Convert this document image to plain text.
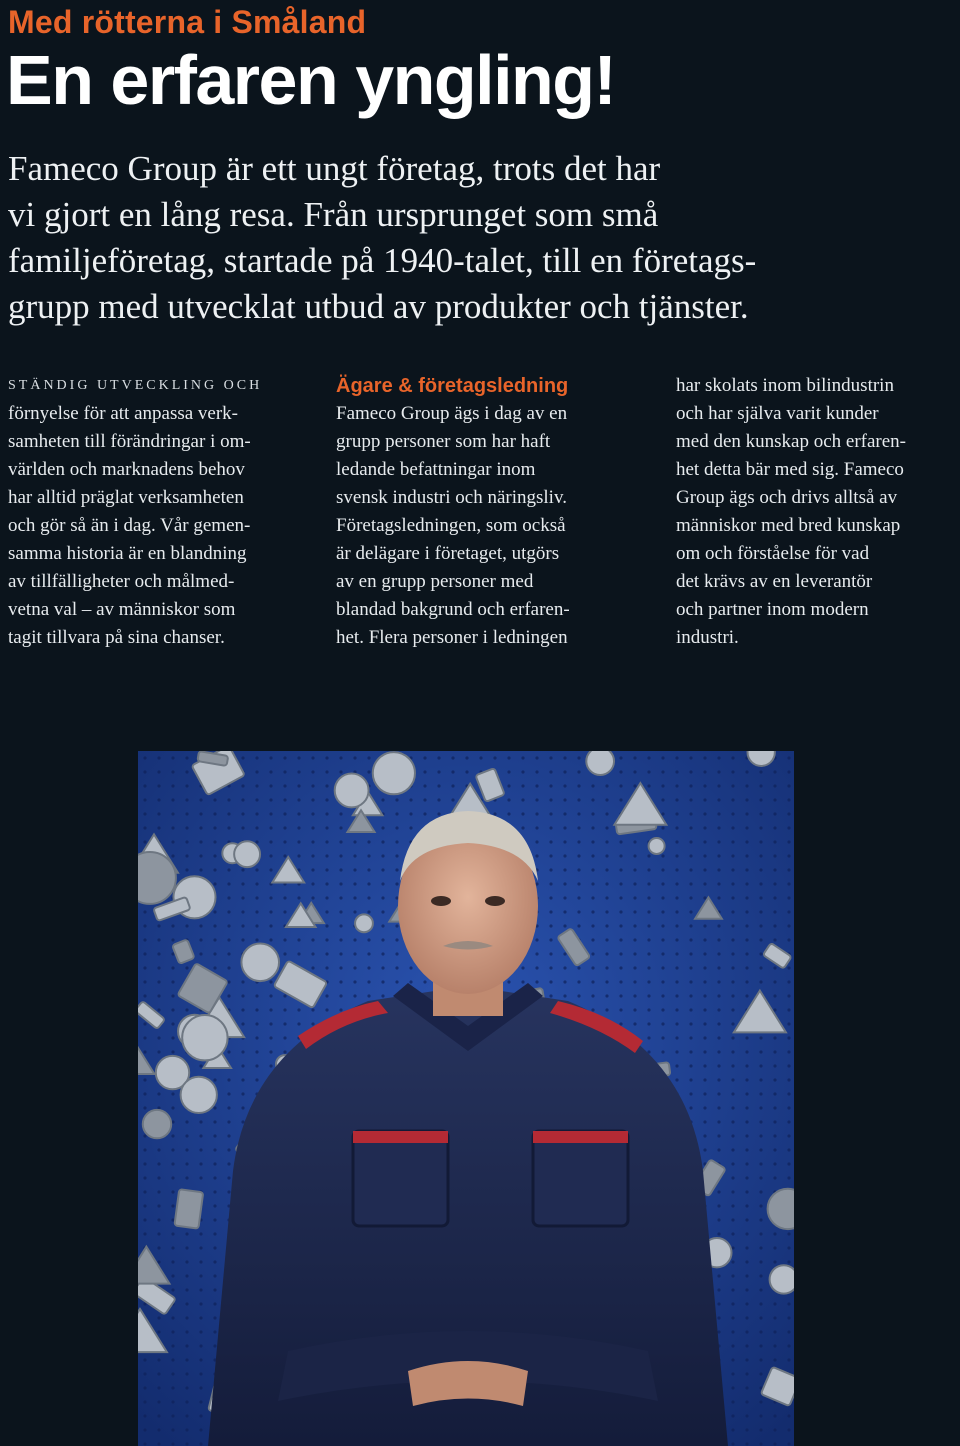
Med rötterna i Småland
En erfaren yngling!
Fameco Group är ett ungt företag, trots det har
vi gjort en lång resa. Från ursprunget som små
familjeföretag, startade på 1940-talet, till en företags-
grupp med utvecklat utbud av produkter och tjänster.
STÄNDIG UTVECKLING OCH
förnyelse för att anpassa verk-
samheten till förändringar i om-
världen och marknadens behov
har alltid präglat verksamheten
och gör så än i dag. Vår gemen-
samma historia är en blandning
av tillfälligheter och målmed-
vetna val – av människor som
tagit tillvara på sina chanser.
Ägare & företagsledning
Fameco Group ägs i dag av en
grupp personer som har haft
ledande befattningar inom
svensk industri och näringsliv.
Företagsledningen, som också
är delägare i företaget, utgörs
av en grupp personer med
blandad bakgrund och erfaren-
het. Flera personer i ledningen
har skolats inom bilindustrin
och har själva varit kunder
med den kunskap och erfaren-
het detta bär med sig. Fameco
Group ägs och drivs alltså av
människor med bred kunskap
om och förståelse för vad
det krävs av en leverantör
och partner inom modern
industri.
